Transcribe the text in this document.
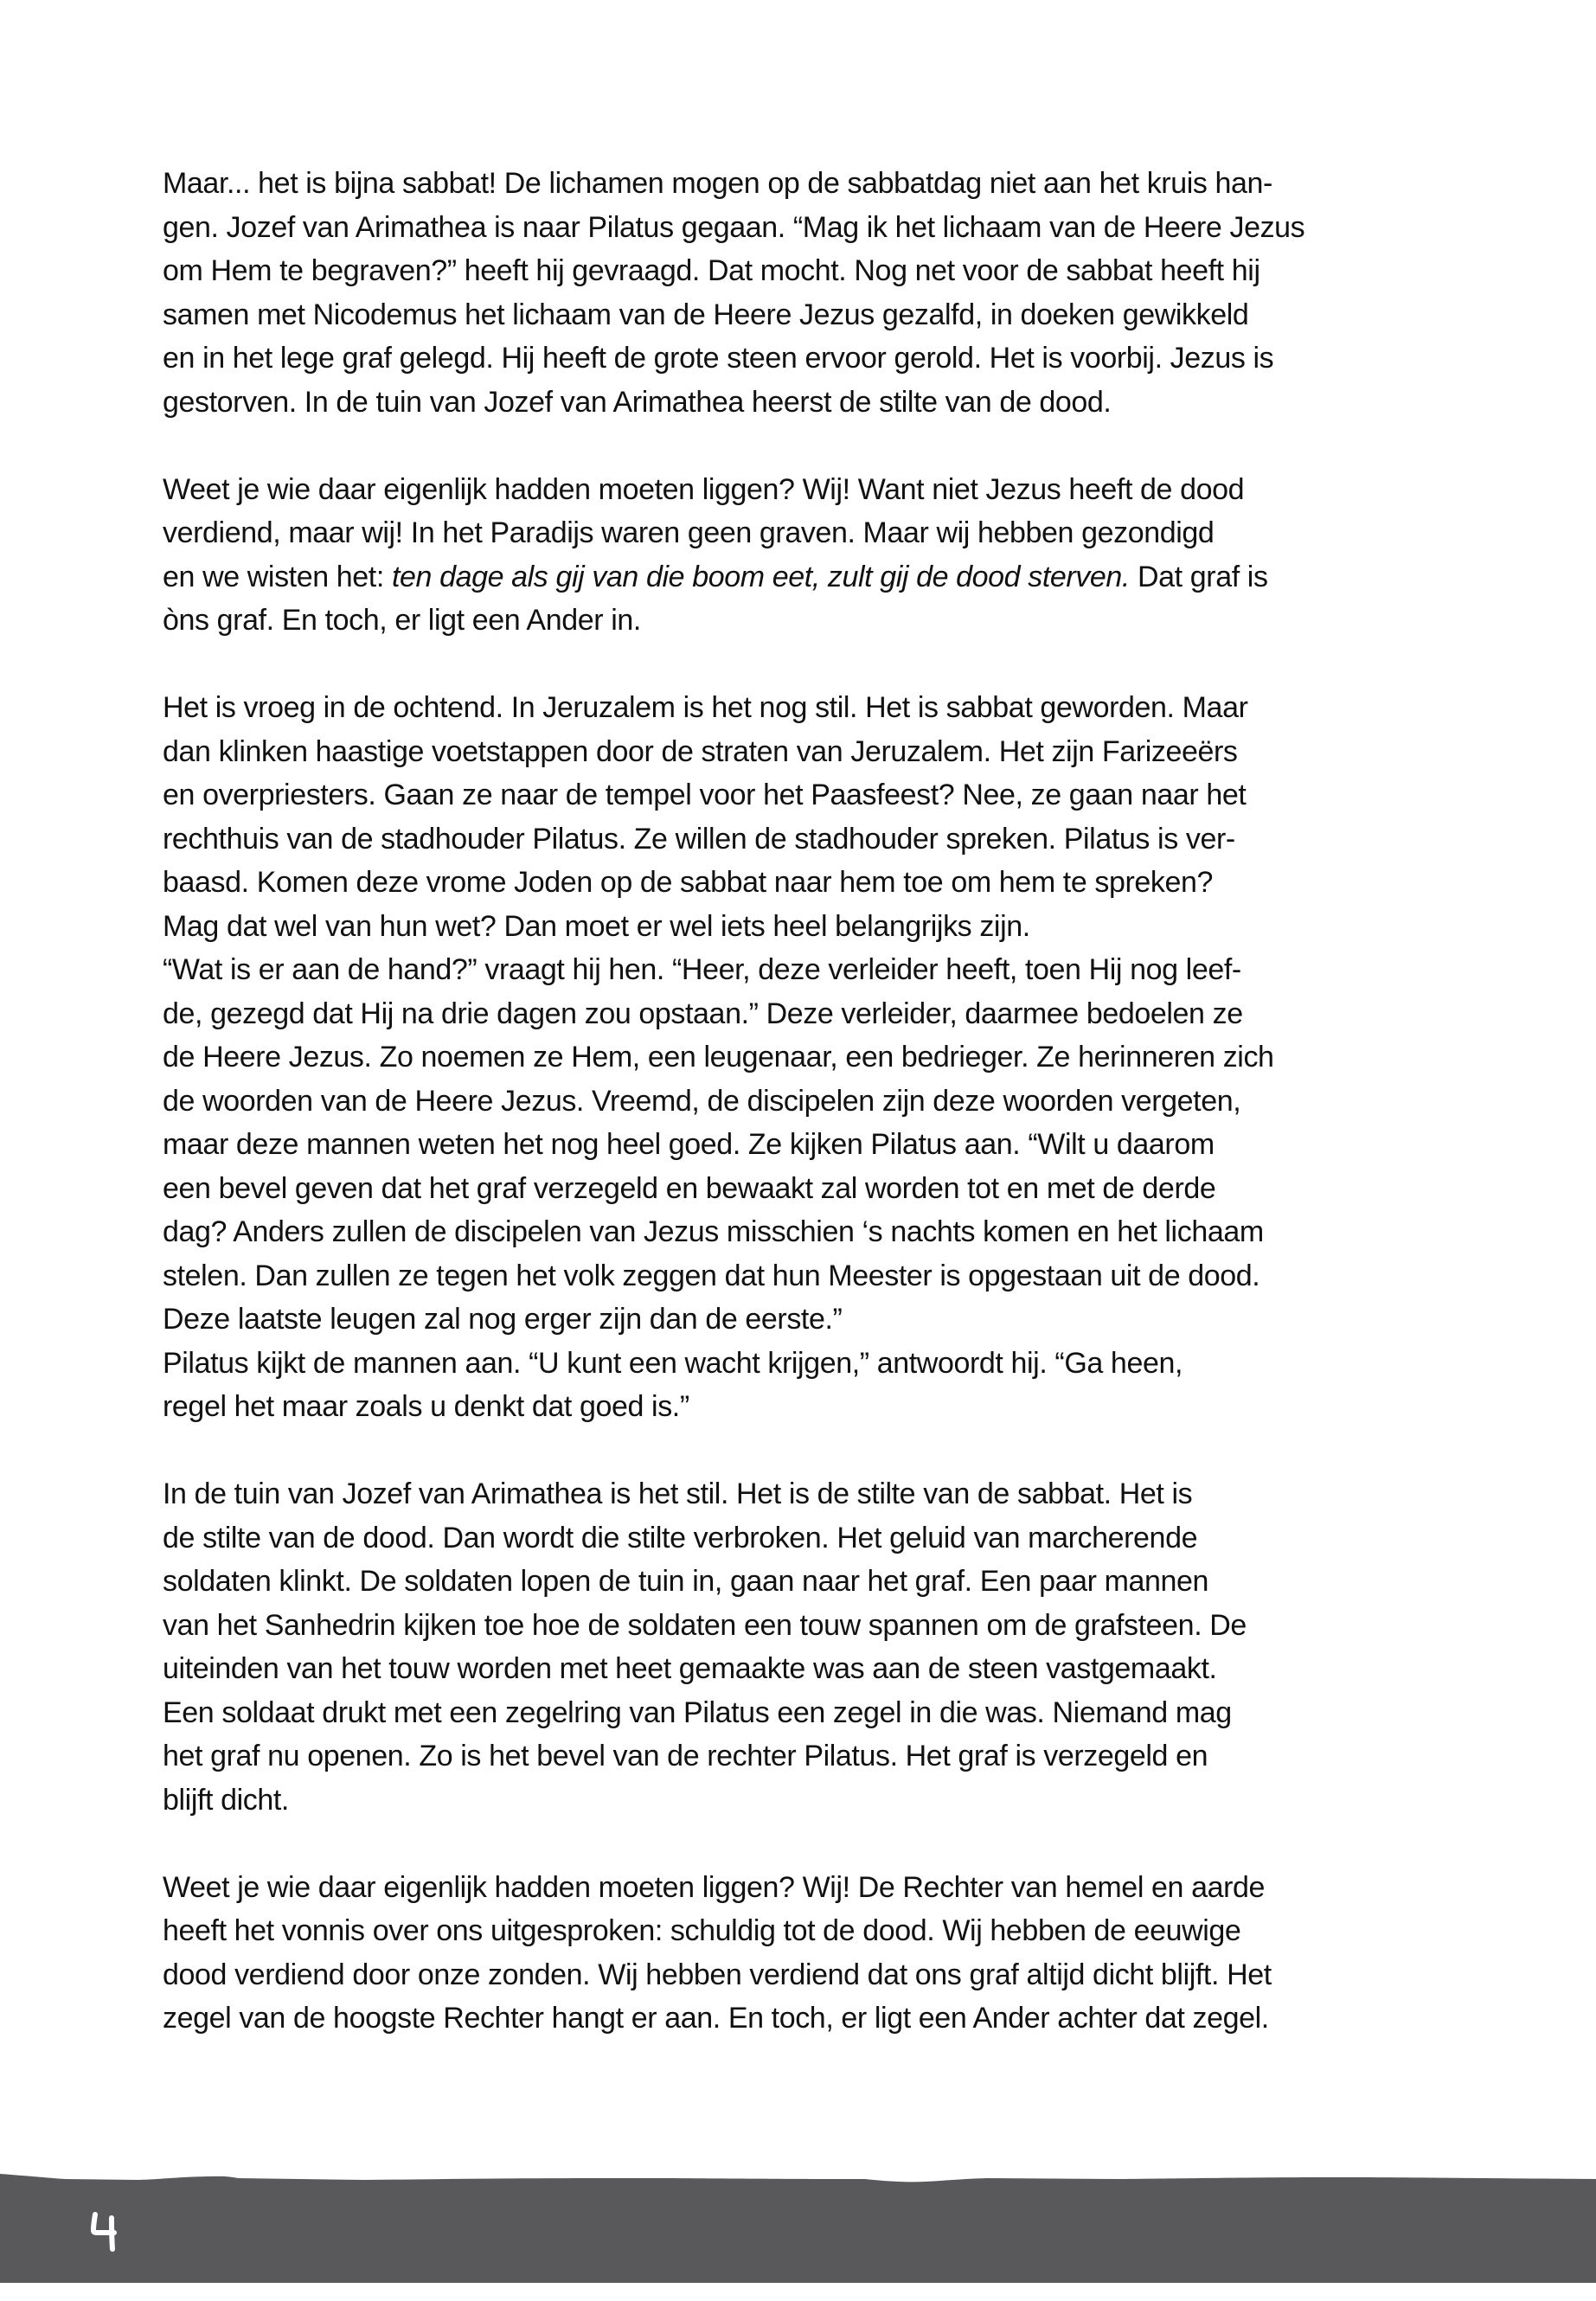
Maar... het is bijna sabbat! De lichamen mogen op de sabbatdag niet aan het kruis han-
gen. Jozef van Arimathea is naar Pilatus gegaan. “Mag ik het lichaam van de Heere Jezus
om Hem te begraven?” heeft hij gevraagd. Dat mocht. Nog net voor de sabbat heeft hij
samen met Nicodemus het lichaam van de Heere Jezus gezalfd, in doeken gewikkeld
en in het lege graf gelegd. Hij heeft de grote steen ervoor gerold. Het is voorbij. Jezus is
gestorven. In de tuin van Jozef van Arimathea heerst de stilte van de dood.
Weet je wie daar eigenlijk hadden moeten liggen? Wij! Want niet Jezus heeft de dood
verdiend, maar wij! In het Paradijs waren geen graven. Maar wij hebben gezondigd
en we wisten het: ten dage als gij van die boom eet, zult gij de dood sterven. Dat graf is
òns graf. En toch, er ligt een Ander in.
Het is vroeg in de ochtend. In Jeruzalem is het nog stil. Het is sabbat geworden. Maar
dan klinken haastige voetstappen door de straten van Jeruzalem. Het zijn Farizeeërs
en overpriesters. Gaan ze naar de tempel voor het Paasfeest? Nee, ze gaan naar het
rechthuis van de stadhouder Pilatus. Ze willen de stadhouder spreken. Pilatus is ver-
baasd. Komen deze vrome Joden op de sabbat naar hem toe om hem te spreken?
Mag dat wel van hun wet? Dan moet er wel iets heel belangrijks zijn.
“Wat is er aan de hand?” vraagt hij hen. “Heer, deze verleider heeft, toen Hij nog leef-
de, gezegd dat Hij na drie dagen zou opstaan.” Deze verleider, daarmee bedoelen ze
de Heere Jezus. Zo noemen ze Hem, een leugenaar, een bedrieger. Ze herinneren zich
de woorden van de Heere Jezus. Vreemd, de discipelen zijn deze woorden vergeten,
maar deze mannen weten het nog heel goed. Ze kijken Pilatus aan. “Wilt u daarom
een bevel geven dat het graf verzegeld en bewaakt zal worden tot en met de derde
dag? Anders zullen de discipelen van Jezus misschien ‘s nachts komen en het lichaam
stelen. Dan zullen ze tegen het volk zeggen dat hun Meester is opgestaan uit de dood.
Deze laatste leugen zal nog erger zijn dan de eerste.”
Pilatus kijkt de mannen aan. “U kunt een wacht krijgen,” antwoordt hij. “Ga heen,
regel het maar zoals u denkt dat goed is.”
In de tuin van Jozef van Arimathea is het stil. Het is de stilte van de sabbat. Het is
de stilte van de dood. Dan wordt die stilte verbroken. Het geluid van marcherende
soldaten klinkt. De soldaten lopen de tuin in, gaan naar het graf. Een paar mannen
van het Sanhedrin kijken toe hoe de soldaten een touw spannen om de grafsteen. De
uiteinden van het touw worden met heet gemaakte was aan de steen vastgemaakt.
Een soldaat drukt met een zegelring van Pilatus een zegel in die was. Niemand mag
het graf nu openen. Zo is het bevel van de rechter Pilatus. Het graf is verzegeld en
blijft dicht.
Weet je wie daar eigenlijk hadden moeten liggen? Wij! De Rechter van hemel en aarde
heeft het vonnis over ons uitgesproken: schuldig tot de dood. Wij hebben de eeuwige
dood verdiend door onze zonden. Wij hebben verdiend dat ons graf altijd dicht blijft. Het
zegel van de hoogste Rechter hangt er aan. En toch, er ligt een Ander achter dat zegel.
